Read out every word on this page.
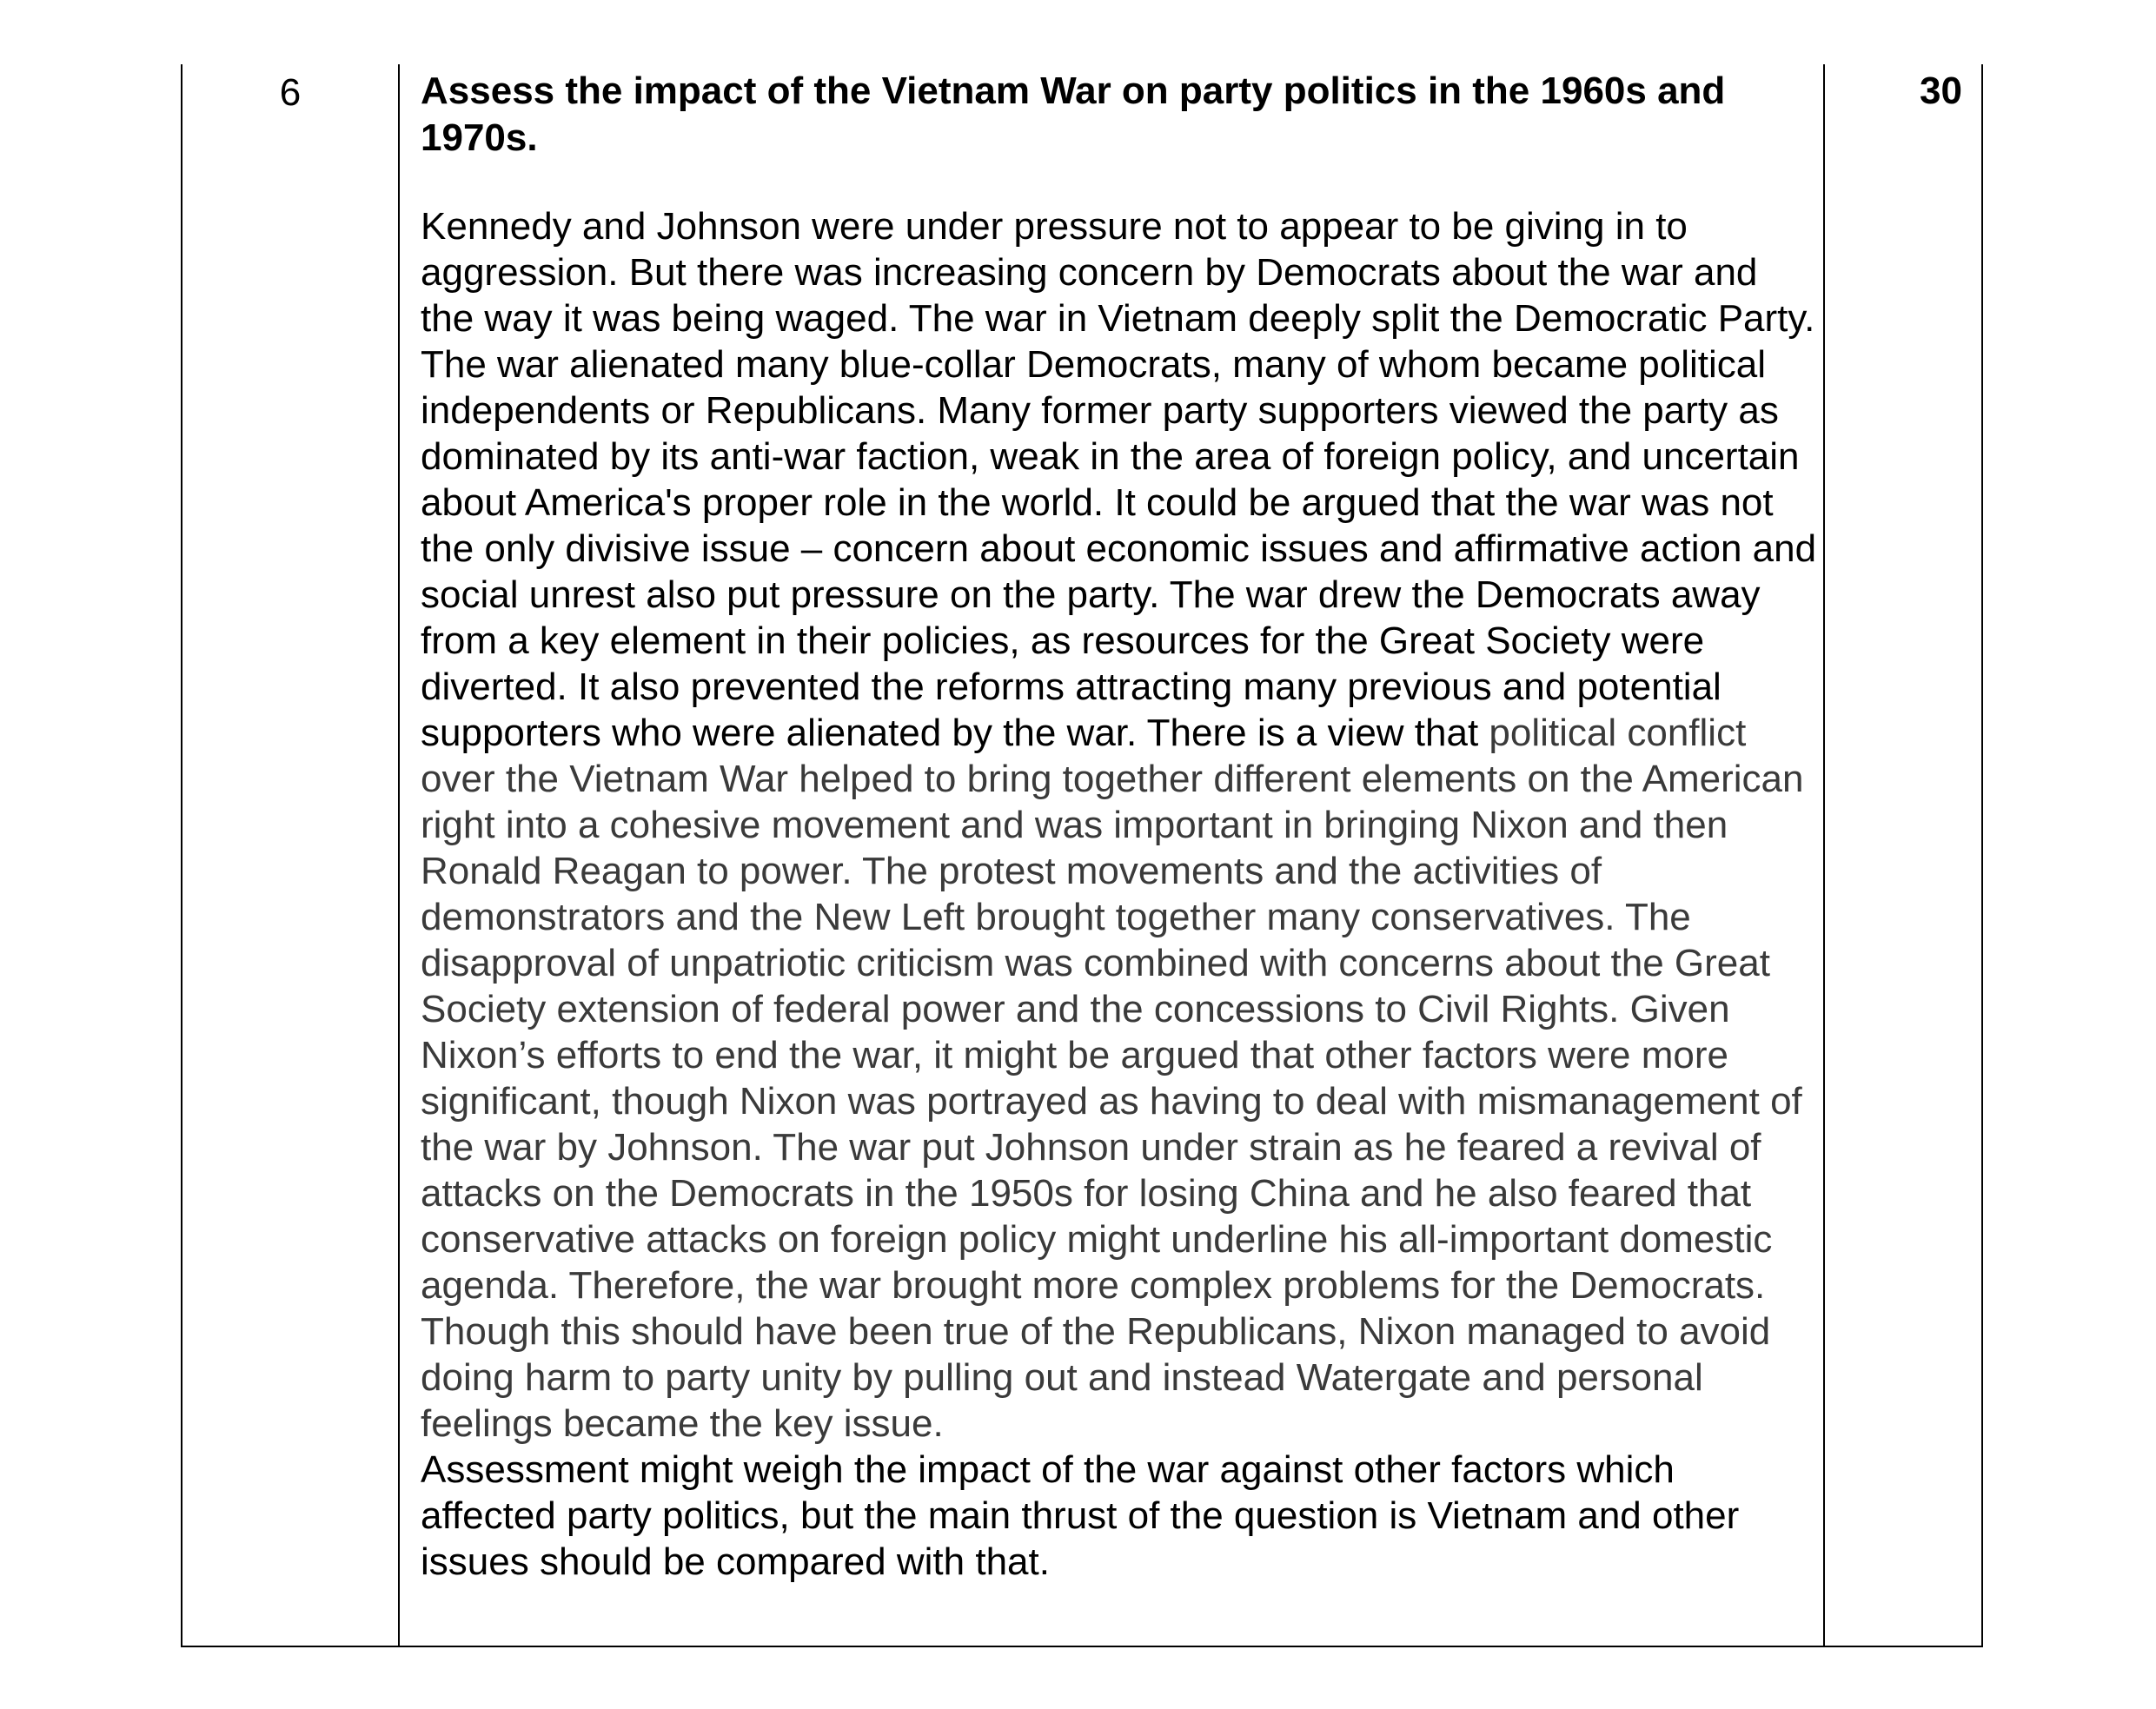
6	Assess the impact of the Vietnam War on party politics in the 1960s and 1970s.

Kennedy and Johnson were under pressure not to appear to be giving in to aggression. But there was increasing concern by Democrats about the war and the way it was being waged. The war in Vietnam deeply split the Democratic Party. The war alienated many blue-collar Democrats, many of whom became political independents or Republicans. Many former party supporters viewed the party as dominated by its anti-war faction, weak in the area of foreign policy, and uncertain about America's proper role in the world. It could be argued that the war was not the only divisive issue – concern about economic issues and affirmative action and social unrest also put pressure on the party. The war drew the Democrats away from a key element in their policies, as resources for the Great Society were diverted. It also prevented the reforms attracting many previous and potential supporters who were alienated by the war. There is a view that political conflict over the Vietnam War helped to bring together different elements on the American right into a cohesive movement and was important in bringing Nixon and then Ronald Reagan to power. The protest movements and the activities of demonstrators and the New Left brought together many conservatives. The disapproval of unpatriotic criticism was combined with concerns about the Great Society extension of federal power and the concessions to Civil Rights. Given Nixon’s efforts to end the war, it might be argued that other factors were more significant, though Nixon was portrayed as having to deal with mismanagement of the war by Johnson. The war put Johnson under strain as he feared a revival of attacks on the Democrats in the 1950s for losing China and he also feared that conservative attacks on foreign policy might underline his all-important domestic agenda. Therefore, the war brought more complex problems for the Democrats. Though this should have been true of the Republicans, Nixon managed to avoid doing harm to party unity by pulling out and instead Watergate and personal feelings became the key issue.

Assessment might weigh the impact of the war against other factors which affected party politics, but the main thrust of the question is Vietnam and other issues should be compared with that.

30
